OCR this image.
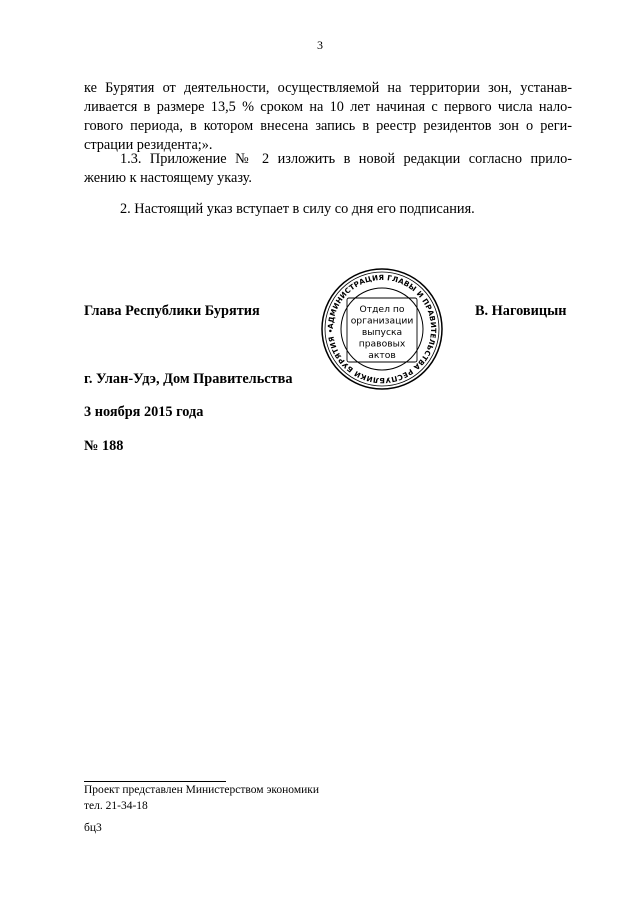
3

ке Бурятия от деятельности, осуществляемой на территории зон, устанав-

ливается в размере 13,5 % сроком на 10 лет начиная с первого числа нало-

гового периода, в котором внесена запись в реестр резидентов зон о реги-

страции резидента;».

1.3. Приложение № 2 изложить в новой редакции согласно прило-

жению к настоящему указу.

2. Настоящий указ вступает в силу со дня его подписания.

Глава Республики Бурятия
АДМИНИСТРАЦИЯ ГЛАВЫ И ПРАВИТЕЛЬСТВА РЕСПУБЛИКИ БУРЯТИЯ •
Отдел по организации выпуска правовых актов
В. Наговицын
г. Улан-Удэ, Дом Правительства
3 ноября 2015 года
№ 188
Проект представлен Министерством экономики
тел. 21-34-18
бц3
